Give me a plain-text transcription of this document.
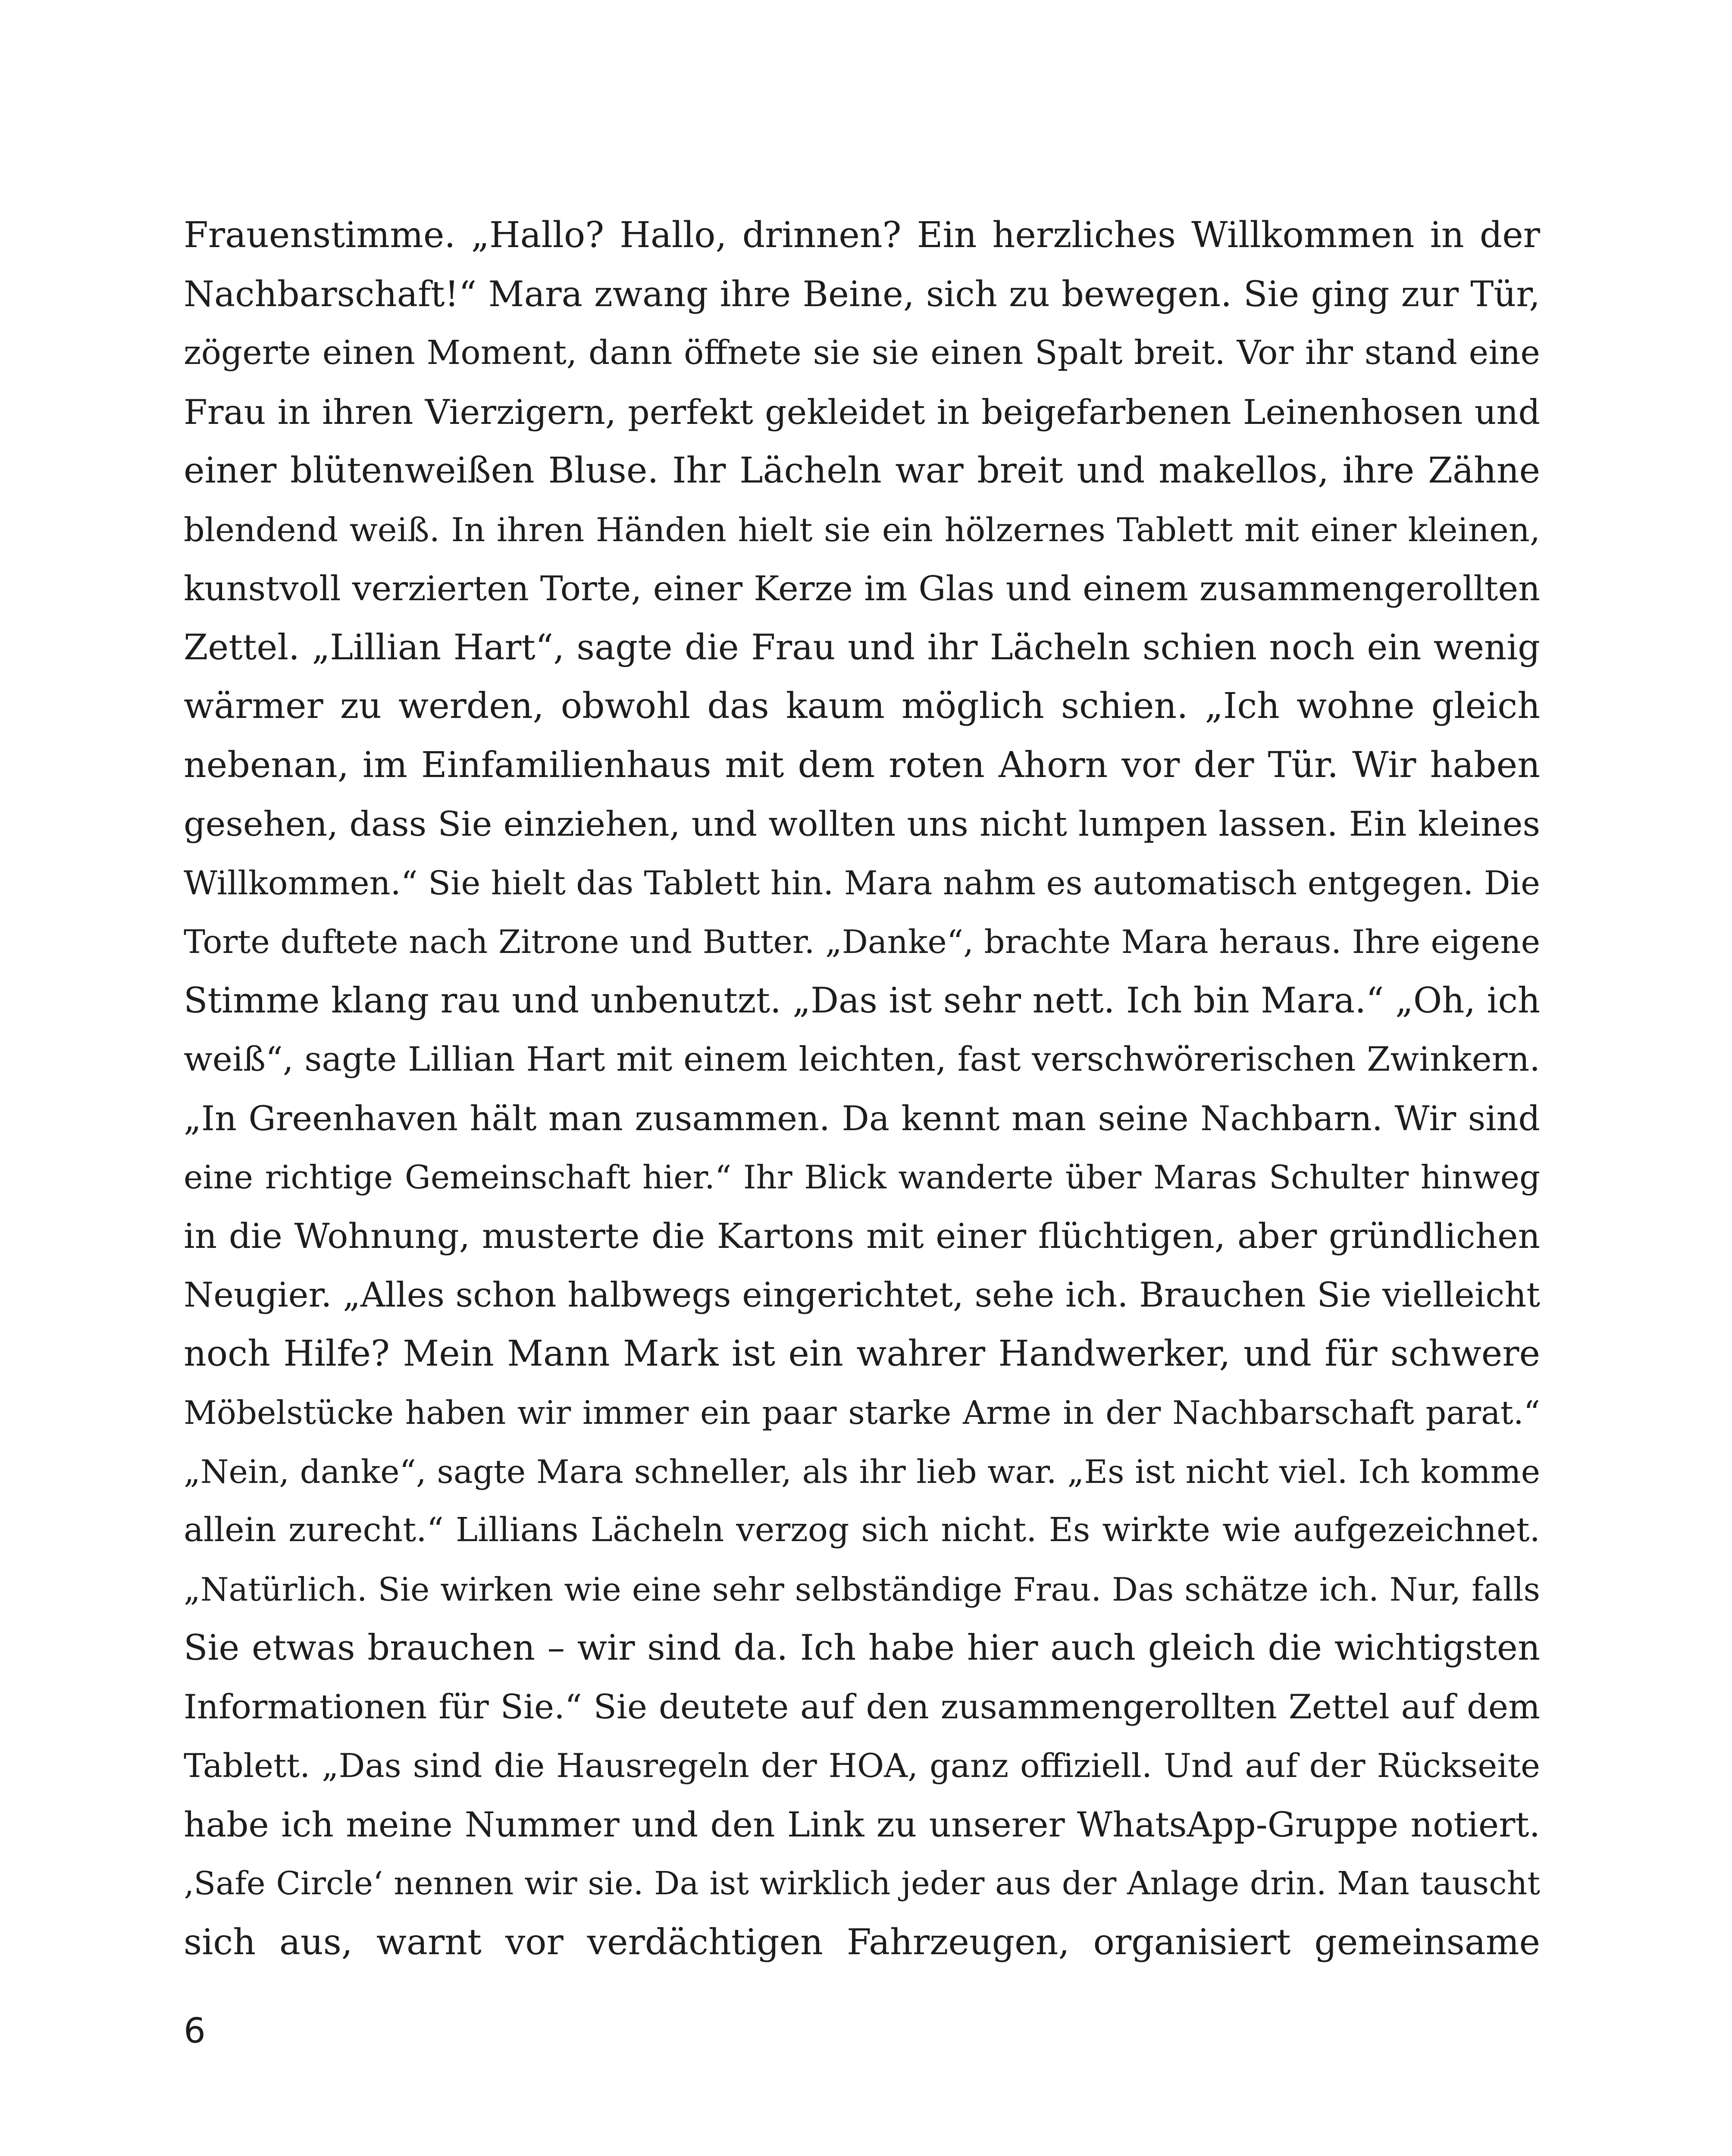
Frauenstimme. „Hallo? Hallo, drinnen? Ein herzliches Willkommen in der
Nachbarschaft!“ Mara zwang ihre Beine, sich zu bewegen. Sie ging zur Tür,
zögerte einen Moment, dann öffnete sie sie einen Spalt breit. Vor ihr stand eine
Frau in ihren Vierzigern, perfekt gekleidet in beigefarbenen Leinenhosen und
einer blütenweißen Bluse. Ihr Lächeln war breit und makellos, ihre Zähne
blendend weiß. In ihren Händen hielt sie ein hölzernes Tablett mit einer kleinen,
kunstvoll verzierten Torte, einer Kerze im Glas und einem zusammengerollten
Zettel. „Lillian Hart“, sagte die Frau und ihr Lächeln schien noch ein wenig
wärmer zu werden, obwohl das kaum möglich schien. „Ich wohne gleich
nebenan, im Einfamilienhaus mit dem roten Ahorn vor der Tür. Wir haben
gesehen, dass Sie einziehen, und wollten uns nicht lumpen lassen. Ein kleines
Willkommen.“ Sie hielt das Tablett hin. Mara nahm es automatisch entgegen. Die
Torte duftete nach Zitrone und Butter. „Danke“, brachte Mara heraus. Ihre eigene
Stimme klang rau und unbenutzt. „Das ist sehr nett. Ich bin Mara.“ „Oh, ich
weiß“, sagte Lillian Hart mit einem leichten, fast verschwörerischen Zwinkern.
„In Greenhaven hält man zusammen. Da kennt man seine Nachbarn. Wir sind
eine richtige Gemeinschaft hier.“ Ihr Blick wanderte über Maras Schulter hinweg
in die Wohnung, musterte die Kartons mit einer flüchtigen, aber gründlichen
Neugier. „Alles schon halbwegs eingerichtet, sehe ich. Brauchen Sie vielleicht
noch Hilfe? Mein Mann Mark ist ein wahrer Handwerker, und für schwere
Möbelstücke haben wir immer ein paar starke Arme in der Nachbarschaft parat.“
„Nein, danke“, sagte Mara schneller, als ihr lieb war. „Es ist nicht viel. Ich komme
allein zurecht.“ Lillians Lächeln verzog sich nicht. Es wirkte wie aufgezeichnet.
„Natürlich. Sie wirken wie eine sehr selbständige Frau. Das schätze ich. Nur, falls
Sie etwas brauchen – wir sind da. Ich habe hier auch gleich die wichtigsten
Informationen für Sie.“ Sie deutete auf den zusammengerollten Zettel auf dem
Tablett. „Das sind die Hausregeln der HOA, ganz offiziell. Und auf der Rückseite
habe ich meine Nummer und den Link zu unserer WhatsApp-Gruppe notiert.
‚Safe Circle‘ nennen wir sie. Da ist wirklich jeder aus der Anlage drin. Man tauscht
sich aus, warnt vor verdächtigen Fahrzeugen, organisiert gemeinsame
6
